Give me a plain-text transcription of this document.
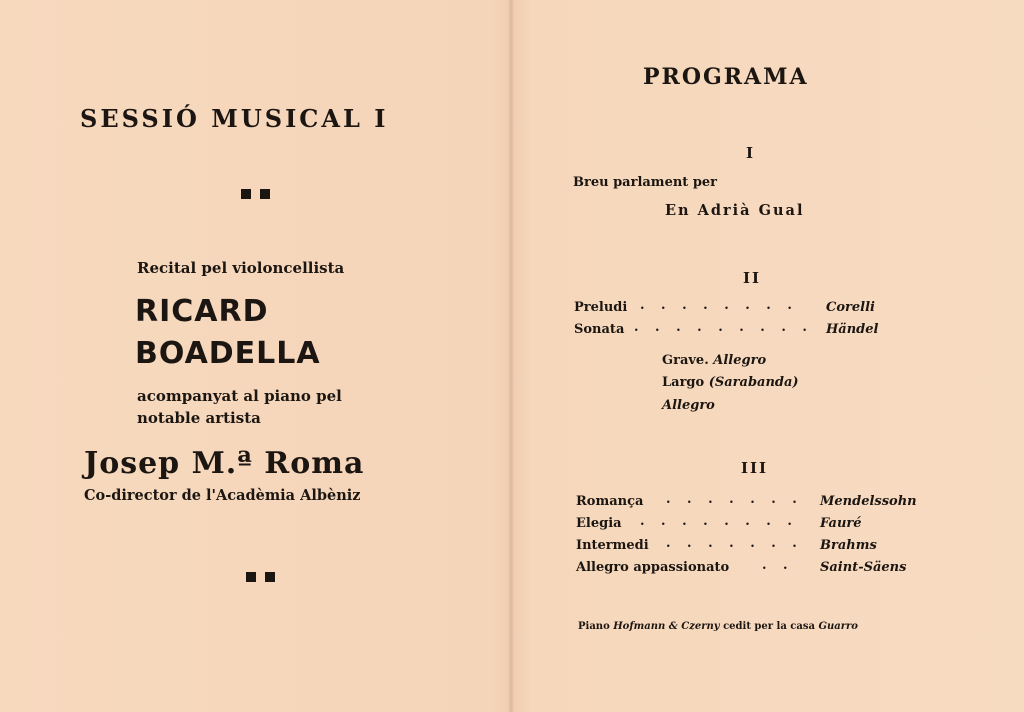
SESSIÓ MUSICAL I
Recital pel violoncellista
RICARD
BOADELLA
acompanyat al piano pel
notable artista
Josep M.ª Roma
Co-director de l'Acadèmia Albèniz
PROGRAMA
I
Breu parlament per
En Adrià Gual
II
Preludi . . . . . . . . Corelli
Sonata . . . . . . . . . Händel
Grave. Allegro
Largo (Sarabanda)
Allegro
III
Romança . . . . . . . Mendelssohn
Elegia . . . . . . . . Fauré
Intermedi . . . . . . . Brahms
Allegro appassionato	. . Saint-Säens
Piano Hofmann & Czerny cedit per la casa Guarro
